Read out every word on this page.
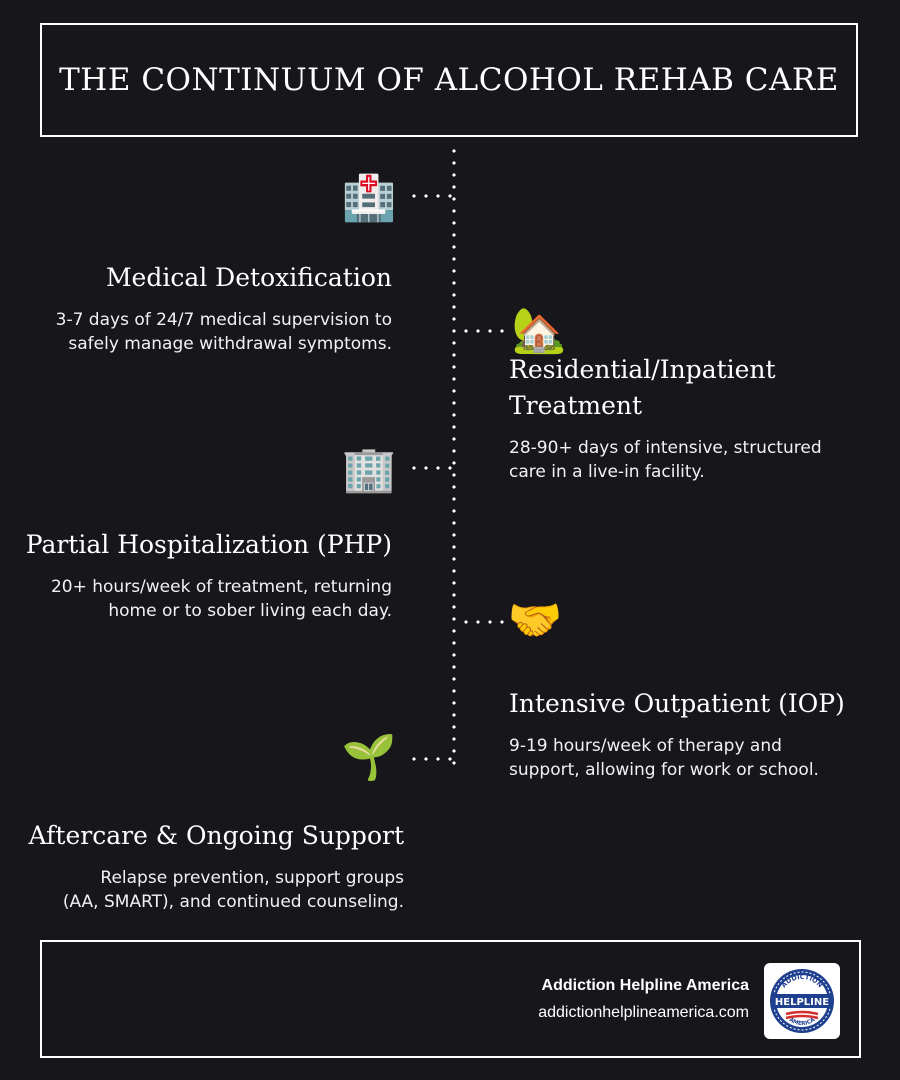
THE CONTINUUM OF ALCOHOL REHAB CARE
🏥
Medical Detoxification

3-7 days of 24/7 medical supervision to
safely manage withdrawal symptoms.	🏡
Residential/Inpatient
Treatment

28-90+ days of intensive, structured
care in a live-in facility.

🏢
Partial Hospitalization (PHP)

20+ hours/week of treatment, returning
home or to sober living each day.	🤝
Intensive Outpatient (IOP)

9-19 hours/week of therapy and
support, allowing for work or school.

🌱
Aftercare & Ongoing Support

Relapse prevention, support groups
(AA, SMART), and continued counseling.

Addiction Helpline America
addictionhelplineamerica.com
ADDICTION
HELPLINE
AMERICA
